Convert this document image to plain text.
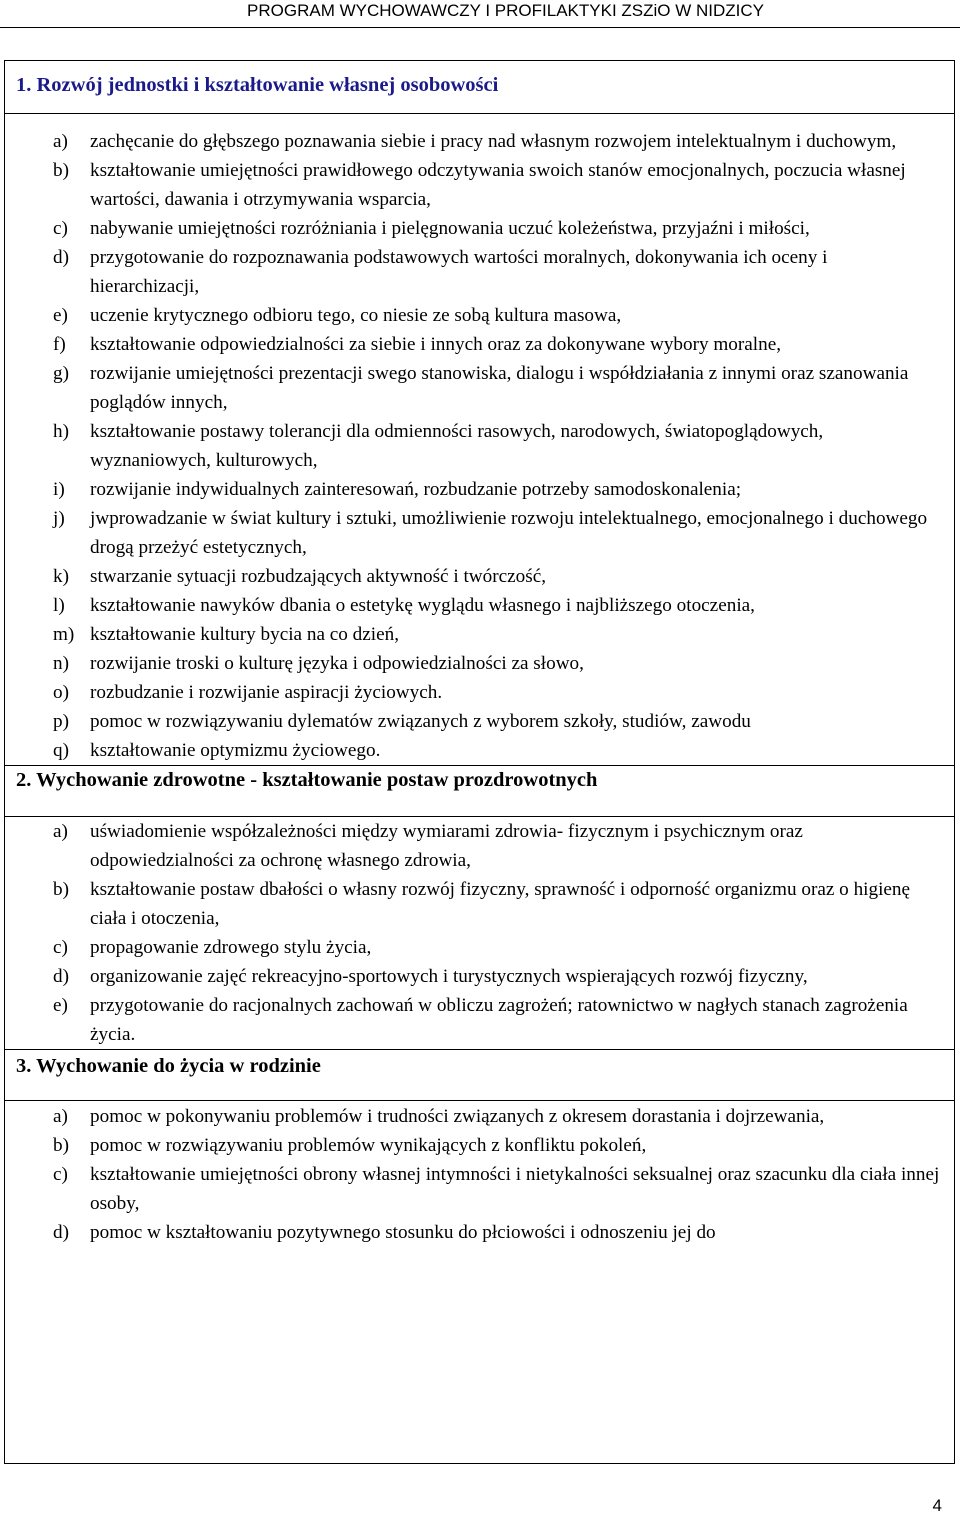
PROGRAM WYCHOWAWCZY I PROFILAKTYKI ZSZiO W NIDZICY
1. Rozwój jednostki i kształtowanie własnej osobowości
a) zachęcanie do głębszego poznawania siebie i pracy nad własnym rozwojem intelektualnym i duchowym,
b) kształtowanie umiejętności prawidłowego odczytywania swoich stanów emocjonalnych, poczucia własnej wartości, dawania i otrzymywania wsparcia,
c) nabywanie umiejętności rozróżniania i pielęgnowania uczuć koleżeństwa, przyjaźni i miłości,
d) przygotowanie do rozpoznawania podstawowych wartości moralnych, dokonywania ich oceny i hierarchizacji,
e) uczenie krytycznego odbioru tego, co niesie ze sobą kultura masowa,
f) kształtowanie odpowiedzialności za siebie i innych oraz za dokonywane wybory moralne,
g) rozwijanie umiejętności prezentacji swego stanowiska, dialogu i współdziałania z innymi oraz szanowania poglądów innych,
h) kształtowanie postawy tolerancji dla odmienności rasowych, narodowych, światopoglądowych, wyznaniowych, kulturowych,
i) rozwijanie indywidualnych zainteresowań, rozbudzanie potrzeby samodoskonalenia;
j) jwprowadzanie w świat kultury i sztuki, umożliwienie rozwoju intelektualnego, emocjonalnego i duchowego drogą przeżyć estetycznych,
k) stwarzanie sytuacji rozbudzających aktywność i twórczość,
l) kształtowanie nawyków dbania o estetykę wyglądu własnego i najbliższego otoczenia,
m) kształtowanie kultury bycia na co dzień,
n) rozwijanie troski o kulturę języka i odpowiedzialności za słowo,
o) rozbudzanie i rozwijanie aspiracji życiowych.
p) pomoc w rozwiązywaniu dylematów związanych z wyborem szkoły, studiów, zawodu
q) kształtowanie optymizmu życiowego.
2. Wychowanie zdrowotne - kształtowanie postaw prozdrowotnych
a) uświadomienie współzależności między wymiarami zdrowia- fizycznym i psychicznym oraz odpowiedzialności za ochronę własnego zdrowia,
b) kształtowanie postaw dbałości o własny rozwój fizyczny, sprawność i odporność organizmu oraz o higienę ciała i otoczenia,
c) propagowanie zdrowego stylu życia,
d) organizowanie zajęć rekreacyjno-sportowych i turystycznych wspierających rozwój fizyczny,
e) przygotowanie do racjonalnych zachowań w obliczu zagrożeń; ratownictwo w nagłych stanach zagrożenia życia.
3. Wychowanie do życia w rodzinie
a) pomoc w pokonywaniu problemów i trudności związanych z okresem dorastania i dojrzewania,
b) pomoc w rozwiązywaniu problemów wynikających z konfliktu pokoleń,
c) kształtowanie umiejętności obrony własnej intymności i nietykalności seksualnej oraz szacunku dla ciała innej osoby,
d) pomoc w kształtowaniu pozytywnego stosunku do płciowości i odnoszeniu jej do
4
